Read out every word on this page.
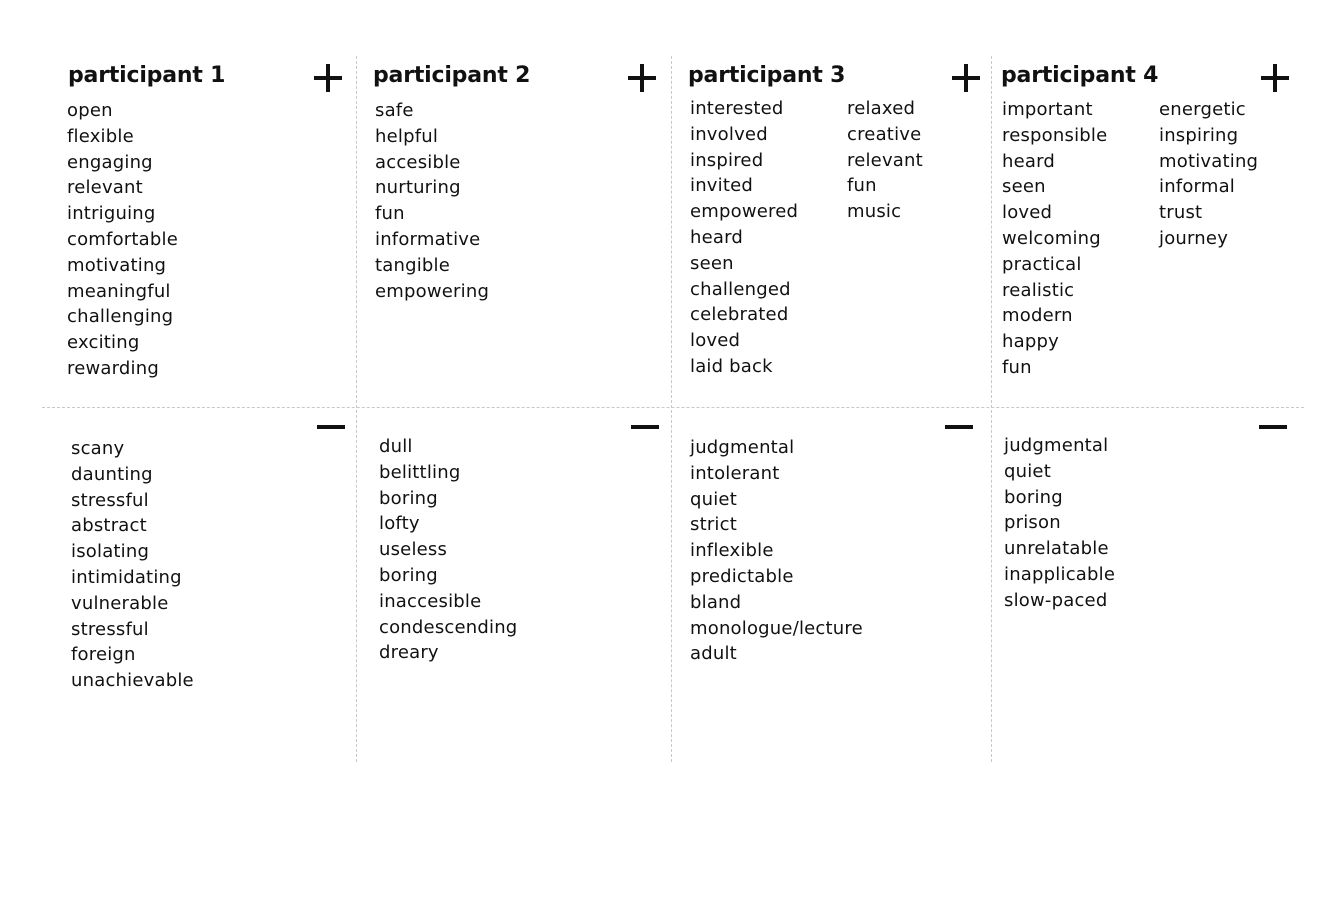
participant 1
open
flexible
engaging
relevant
intriguing
comfortable
motivating
meaningful
challenging
exciting
rewarding
scany
daunting
stressful
abstract
isolating
intimidating
vulnerable
stressful
foreign
unachievable
participant 2
safe
helpful
accesible
nurturing
fun
informative
tangible
empowering
dull
belittling
boring
lofty
useless
boring
inaccesible
condescending
dreary
participant 3
interested
involved
inspired
invited
empowered
heard
seen
challenged
celebrated
loved
laid back
relaxed
creative
relevant
fun
music
judgmental
intolerant
quiet
strict
inflexible
predictable
bland
monologue/lecture
adult
participant 4
important
responsible
heard
seen
loved
welcoming
practical
realistic
modern
happy
fun
energetic
inspiring
motivating
informal
trust
journey
judgmental
quiet
boring
prison
unrelatable
inapplicable
slow-paced
